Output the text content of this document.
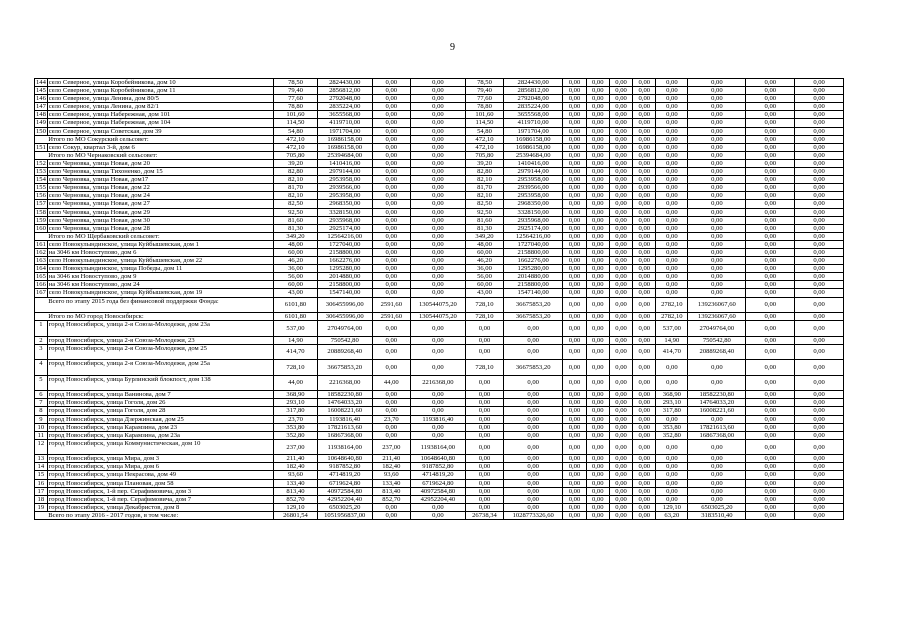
9
144	село Северное, улица Коробейникова, дом 10	78,50	2824430,00	0,00	0,00	78,50	2824430,00	0,00	0,00	0,00	0,00	0,00	0,00	0,00	0,00
145	село Северное, улица Коробейникова, дом 11	79,40	2856812,00	0,00	0,00	79,40	2856812,00	0,00	0,00	0,00	0,00	0,00	0,00	0,00	0,00
146	село Северное, улица Ленина, дом 80/5	77,60	2792048,00	0,00	0,00	77,60	2792048,00	0,00	0,00	0,00	0,00	0,00	0,00	0,00	0,00
147	село Северное, улица Ленина, дом 82/1	78,80	2835224,00	0,00	0,00	78,80	2835224,00	0,00	0,00	0,00	0,00	0,00	0,00	0,00	0,00
148	село Северное, улица Набережная, дом 101	101,60	3655568,00	0,00	0,00	101,60	3655568,00	0,00	0,00	0,00	0,00	0,00	0,00	0,00	0,00
149	село Северное, улица Набережная, дом 104	114,50	4119710,00	0,00	0,00	114,50	4119710,00	0,00	0,00	0,00	0,00	0,00	0,00	0,00	0,00
150	село Северное, улица Советская, дом 39	54,80	1971704,00	0,00	0,00	54,80	1971704,00	0,00	0,00	0,00	0,00	0,00	0,00	0,00	0,00
	Итого по МО Сокурский сельсовет:	472,10	16986158,00	0,00	0,00	472,10	16986158,00	0,00	0,00	0,00	0,00	0,00	0,00	0,00	0,00
151	село Сокур, квартал 3-й, дом 6	472,10	16986158,00	0,00	0,00	472,10	16986158,00	0,00	0,00	0,00	0,00	0,00	0,00	0,00	0,00
	Итого по МО Чернаковский сельсовет:	705,80	25394684,00	0,00	0,00	705,80	25394684,00	0,00	0,00	0,00	0,00	0,00	0,00	0,00	0,00
152	село Черновка, улица Новая, дом 20	39,20	1410416,00	0,00	0,00	39,20	1410416,00	0,00	0,00	0,00	0,00	0,00	0,00	0,00	0,00
153	село Черновка, улица Тихоненко, дом 15	82,80	2979144,00	0,00	0,00	82,80	2979144,00	0,00	0,00	0,00	0,00	0,00	0,00	0,00	0,00
154	село Черновка, улица Новая, дом17	82,10	2953958,00	0,00	0,00	82,10	2953958,00	0,00	0,00	0,00	0,00	0,00	0,00	0,00	0,00
155	село Черновка, улица Новая, дом 22	81,70	2939566,00	0,00	0,00	81,70	2939566,00	0,00	0,00	0,00	0,00	0,00	0,00	0,00	0,00
156	село Черновка, улица Новая, дом 24	82,10	2953958,00	0,00	0,00	82,10	2953958,00	0,00	0,00	0,00	0,00	0,00	0,00	0,00	0,00
157	село Черновка, улица Новая, дом 27	82,50	2968350,00	0,00	0,00	82,50	2968350,00	0,00	0,00	0,00	0,00	0,00	0,00	0,00	0,00
158	село Черновка, улица Новая, дом 29	92,50	3328150,00	0,00	0,00	92,50	3328150,00	0,00	0,00	0,00	0,00	0,00	0,00	0,00	0,00
159	село Черновка, улица Новая, дом 30	81,60	2935968,00	0,00	0,00	81,60	2935968,00	0,00	0,00	0,00	0,00	0,00	0,00	0,00	0,00
160	село Черновка, улица Новая, дом 28	81,30	2925174,00	0,00	0,00	81,30	2925174,00	0,00	0,00	0,00	0,00	0,00	0,00	0,00	0,00
	Итого по МО Щербаковский сельсовет:	349,20	12564216,00	0,00	0,00	349,20	12564216,00	0,00	0,00	0,00	0,00	0,00	0,00	0,00	0,00
161	село Новокулындинское, улица Куйбышевская, дом 1	48,00	1727040,00	0,00	0,00	48,00	1727040,00	0,00	0,00	0,00	0,00	0,00	0,00	0,00	0,00
162	на 3046 км Новоступово, дом 6	60,00	2158800,00	0,00	0,00	60,00	2158800,00	0,00	0,00	0,00	0,00	0,00	0,00	0,00	0,00
163	село Новокулындинское, улица Куйбышевская, дом 22	46,20	1662276,00	0,00	0,00	46,20	1662276,00	0,00	0,00	0,00	0,00	0,00	0,00	0,00	0,00
164	село Новокулындинское, улица Победы, дом 11	36,00	1295280,00	0,00	0,00	36,00	1295280,00	0,00	0,00	0,00	0,00	0,00	0,00	0,00	0,00
165	на 3046 км Новоступово, дом 9	56,00	2014880,00	0,00	0,00	56,00	2014880,00	0,00	0,00	0,00	0,00	0,00	0,00	0,00	0,00
166	на 3046 км Новоступово, дом 24	60,00	2158800,00	0,00	0,00	60,00	2158800,00	0,00	0,00	0,00	0,00	0,00	0,00	0,00	0,00
167	село Новокулындинское, улица Куйбышевская, дом 19	43,00	1547140,00	0,00	0,00	43,00	1547140,00	0,00	0,00	0,00	0,00	0,00	0,00	0,00	0,00
	Всего по этапу 2015 года без финансовой поддержки Фонда:	6101,80	306455996,00	2591,60	130544075,20	728,10	36675853,20	0,00	0,00	0,00	0,00	2782,10	139236067,60	0,00	0,00
	Итого по МО город Новосибирск:	6101,80	306455996,00	2591,60	130544075,20	728,10	36675853,20	0,00	0,00	0,00	0,00	2782,10	139236067,60	0,00	0,00
1	город Новосибирск, улица 2-я Союза-Молодежи, дом 23а	537,00	27049764,00	0,00	0,00	0,00	0,00	0,00	0,00	0,00	0,00	537,00	27049764,00	0,00	0,00
2	город Новосибирск, улица 2-я Союза-Молодежи, 23	14,90	750542,80	0,00	0,00	0,00	0,00	0,00	0,00	0,00	0,00	14,90	750542,80	0,00	0,00
3	город Новосибирск, улица 2-я Союза-Молодежи, дом 25	414,70	20889268,40	0,00	0,00	0,00	0,00	0,00	0,00	0,00	0,00	414,70	20889268,40	0,00	0,00
4	город Новосибирск, улица 2-я Союза-Молодежи, дом 25а	728,10	36675853,20	0,00	0,00	728,10	36675853,20	0,00	0,00	0,00	0,00	0,00	0,00	0,00	0,00
5	город Новосибирск, улица Бурлинский блокпост, дом 138	44,00	2216368,00	44,00	2216368,00	0,00	0,00	0,00	0,00	0,00	0,00	0,00	0,00	0,00	0,00
6	город Новосибирск, улица Ванинова, дом 7	368,90	18582230,80	0,00	0,00	0,00	0,00	0,00	0,00	0,00	0,00	368,90	18582230,80	0,00	0,00
7	город Новосибирск, улица Гоголя, дом 26	293,10	14764033,20	0,00	0,00	0,00	0,00	0,00	0,00	0,00	0,00	293,10	14764033,20	0,00	0,00
8	город Новосибирск, улица Гоголя, дом 28	317,80	16008221,60	0,00	0,00	0,00	0,00	0,00	0,00	0,00	0,00	317,80	16008221,60	0,00	0,00
9	город Новосибирск, улица Дзержинская, дом 25	23,70	1193816,40	23,70	1193816,40	0,00	0,00	0,00	0,00	0,00	0,00	0,00	0,00	0,00	0,00
10	город Новосибирск, улица Карамзина, дом 23	353,80	17821613,60	0,00	0,00	0,00	0,00	0,00	0,00	0,00	0,00	353,80	17821613,60	0,00	0,00
11	город Новосибирск, улица Карамзина, дом 23а	352,80	16867368,00	0,00	0,00	0,00	0,00	0,00	0,00	0,00	0,00	352,80	16867368,00	0,00	0,00
12	город Новосибирск, улица Коммунистическая, дом 10	237,00	11938164,00	237,00	11938164,00	0,00	0,00	0,00	0,00	0,00	0,00	0,00	0,00	0,00	0,00
13	город Новосибирск, улица Мира, дом 3	211,40	10648640,80	211,40	10648640,80	0,00	0,00	0,00	0,00	0,00	0,00	0,00	0,00	0,00	0,00
14	город Новосибирск, улица Мира, дом 6	182,40	9187852,80	182,40	9187852,80	0,00	0,00	0,00	0,00	0,00	0,00	0,00	0,00	0,00	0,00
15	город Новосибирск, улица Некрасова, дом 49	93,60	4714819,20	93,60	4714819,20	0,00	0,00	0,00	0,00	0,00	0,00	0,00	0,00	0,00	0,00
16	город Новосибирск, улица Плановая, дом 58	133,40	6719624,80	133,40	6719624,80	0,00	0,00	0,00	0,00	0,00	0,00	0,00	0,00	0,00	0,00
17	город Новосибирск, 1-й пер. Серафимовича, дом 3	813,40	40972584,80	813,40	40972584,80	0,00	0,00	0,00	0,00	0,00	0,00	0,00	0,00	0,00	0,00
18	город Новосибирск, 1-й пер. Серафимовича, дом 7	852,70	42952204,40	852,70	42952204,40	0,00	0,00	0,00	0,00	0,00	0,00	0,00	0,00	0,00	0,00
19	город Новосибирск, улица Декабристов, дом 8	129,10	6503025,20	0,00	0,00	0,00	0,00	0,00	0,00	0,00	0,00	129,10	6503025,20	0,00	0,00
	Всего по этапу 2016 - 2017 годов, в том числе:	26801,54	1051956837,00	0,00	0,00	26738,34	1028773326,60	0,00	0,00	0,00	0,00	63,20	3183510,40	0,00	0,00
